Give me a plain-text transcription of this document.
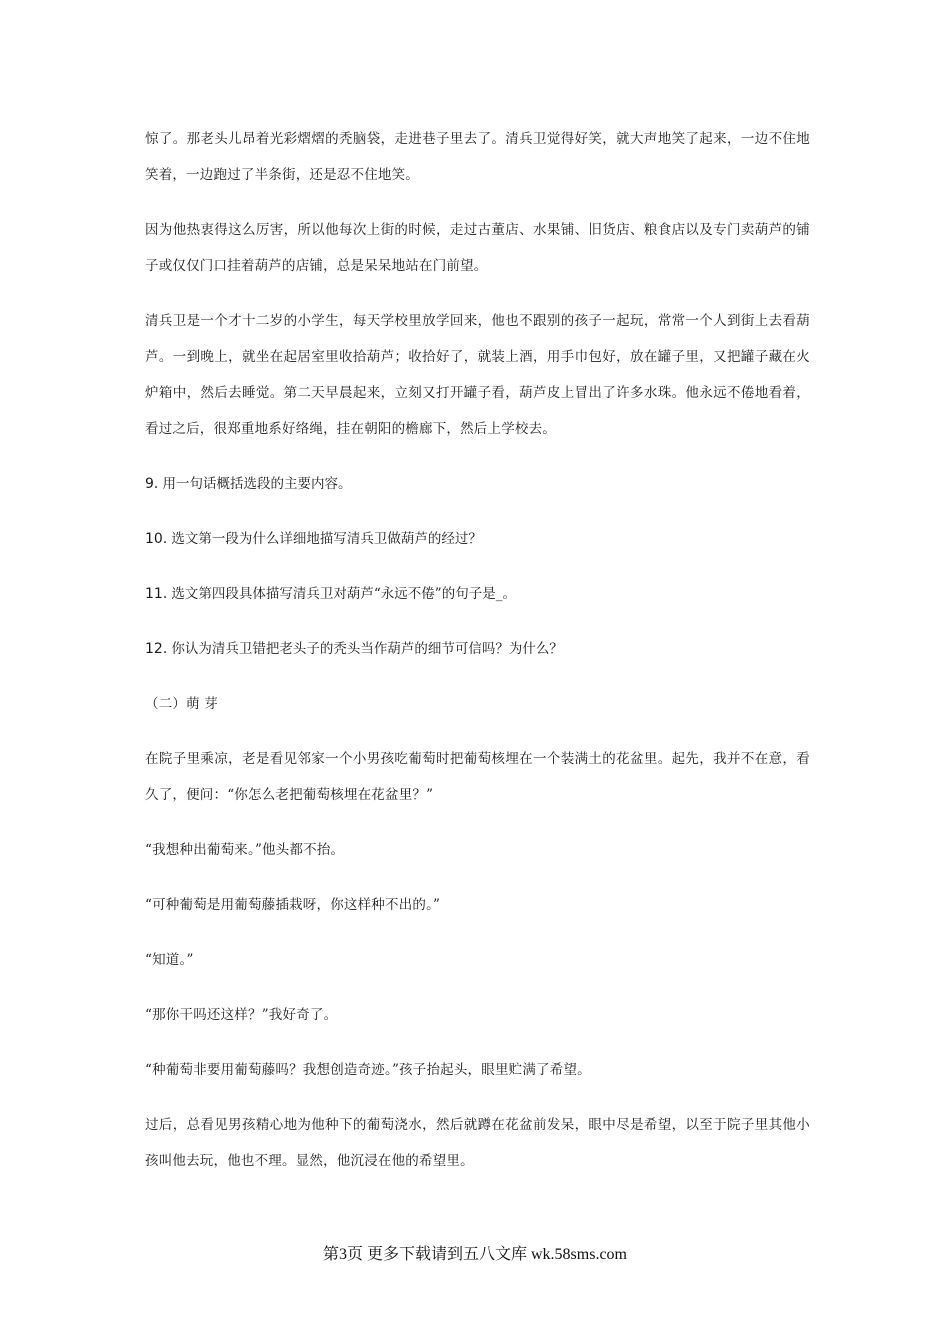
惊了。那老头儿昂着光彩熠熠的秃脑袋，走进巷子里去了。清兵卫觉得好笑，就大声地笑了起来，一边不住地笑着，一边跑过了半条街，还是忍不住地笑。

因为他热衷得这么厉害，所以他每次上街的时候，走过古董店、水果铺、旧货店、粮食店以及专门卖葫芦的铺子或仅仅门口挂着葫芦的店铺，总是呆呆地站在门前望。

清兵卫是一个才十二岁的小学生，每天学校里放学回来，他也不跟别的孩子一起玩，常常一个人到街上去看葫芦。一到晚上，就坐在起居室里收拾葫芦；收拾好了，就装上酒，用手巾包好，放在罐子里，又把罐子藏在火炉箱中，然后去睡觉。第二天早晨起来，立刻又打开罐子看，葫芦皮上冒出了许多水珠。他永远不倦地看着，看过之后，很郑重地系好络绳，挂在朝阳的檐廊下，然后上学校去。

9. 用一句话概括选段的主要内容。

10. 选文第一段为什么详细地描写清兵卫做葫芦的经过？

11. 选文第四段具体描写清兵卫对葫芦“永远不倦”的句子是_。

12. 你认为清兵卫错把老头子的秃头当作葫芦的细节可信吗？为什么？

（二）萌 芽

在院子里乘凉，老是看见邻家一个小男孩吃葡萄时把葡萄核埋在一个装满土的花盆里。起先，我并不在意，看久了，便问：“你怎么老把葡萄核埋在花盆里？”

“我想种出葡萄来。”他头都不抬。

“可种葡萄是用葡萄藤插栽呀，你这样种不出的。”

“知道。”

“那你干吗还这样？”我好奇了。

“种葡萄非要用葡萄藤吗？我想创造奇迹。”孩子抬起头，眼里贮满了希望。

过后，总看见男孩精心地为他种下的葡萄浇水，然后就蹲在花盆前发呆，眼中尽是希望，以至于院子里其他小孩叫他去玩，他也不理。显然，他沉浸在他的希望里。

第3页 更多下载请到五八文库 wk.58sms.com
